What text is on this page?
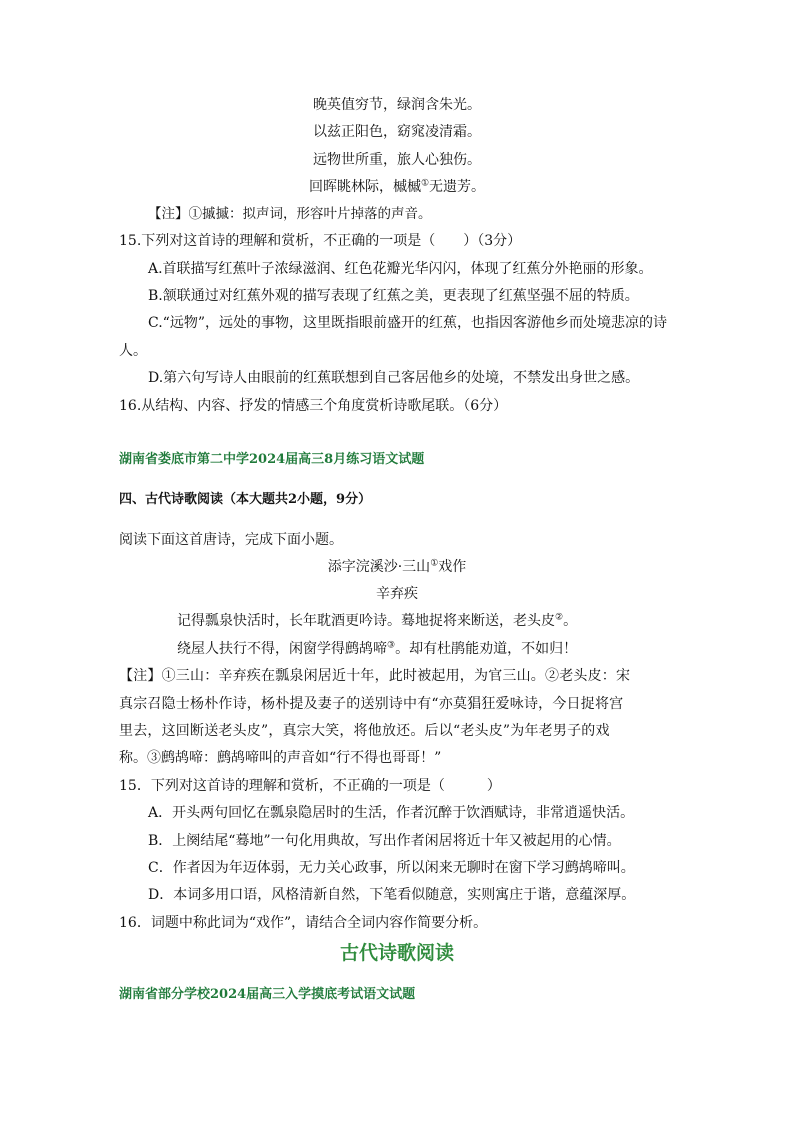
晚英值穷节，绿润含朱光。
以兹正阳色，窈窕凌清霜。
远物世所重，旅人心独伤。
回晖眺林际，槭槭①无遗芳。
【注】①摵摵：拟声词，形容叶片掉落的声音。
15.下列对这首诗的理解和赏析，不正确的一项是（　　）（3分）
A.首联描写红蕉叶子浓绿滋润、红色花瓣光华闪闪，体现了红蕉分外艳丽的形象。
B.颔联通过对红蕉外观的描写表现了红蕉之美，更表现了红蕉坚强不屈的特质。
C.“远物”，远处的事物，这里既指眼前盛开的红蕉，也指因客游他乡而处境悲凉的诗
人。
D.第六句写诗人由眼前的红蕉联想到自己客居他乡的处境，不禁发出身世之感。
16.从结构、内容、抒发的情感三个角度赏析诗歌尾联。（6分）
湖南省娄底市第二中学2024届高三8月练习语文试题
四、古代诗歌阅读（本大题共2小题，9分）
阅读下面这首唐诗，完成下面小题。
添字浣溪沙·三山①戏作
辛弃疾
记得瓢泉快活时，长年耽酒更吟诗。蓦地捉将来断送，老头皮②。
绕屋人扶行不得，闲窗学得鹧鸪啼③。却有杜鹃能劝道，不如归！
【注】①三山：辛弃疾在瓢泉闲居近十年，此时被起用，为官三山。②老头皮：宋
真宗召隐士杨朴作诗，杨朴提及妻子的送别诗中有“亦莫猖狂爱咏诗，今日捉将宫
里去，这回断送老头皮”，真宗大笑，将他放还。后以“老头皮”为年老男子的戏
称。③鹧鸪啼：鹧鸪啼叫的声音如“行不得也哥哥！”
15．下列对这首诗的理解和赏析，不正确的一项是（　　　）
A．开头两句回忆在瓢泉隐居时的生活，作者沉醉于饮酒赋诗，非常逍遥快活。
B．上阕结尾“蓦地”一句化用典故，写出作者闲居将近十年又被起用的心情。
C．作者因为年迈体弱，无力关心政事，所以闲来无聊时在窗下学习鹧鸪啼叫。
D．本词多用口语，风格清新自然，下笔看似随意，实则寓庄于谐，意蕴深厚。
16．词题中称此词为“戏作”，请结合全词内容作简要分析。
古代诗歌阅读
湖南省部分学校2024届高三入学摸底考试语文试题
